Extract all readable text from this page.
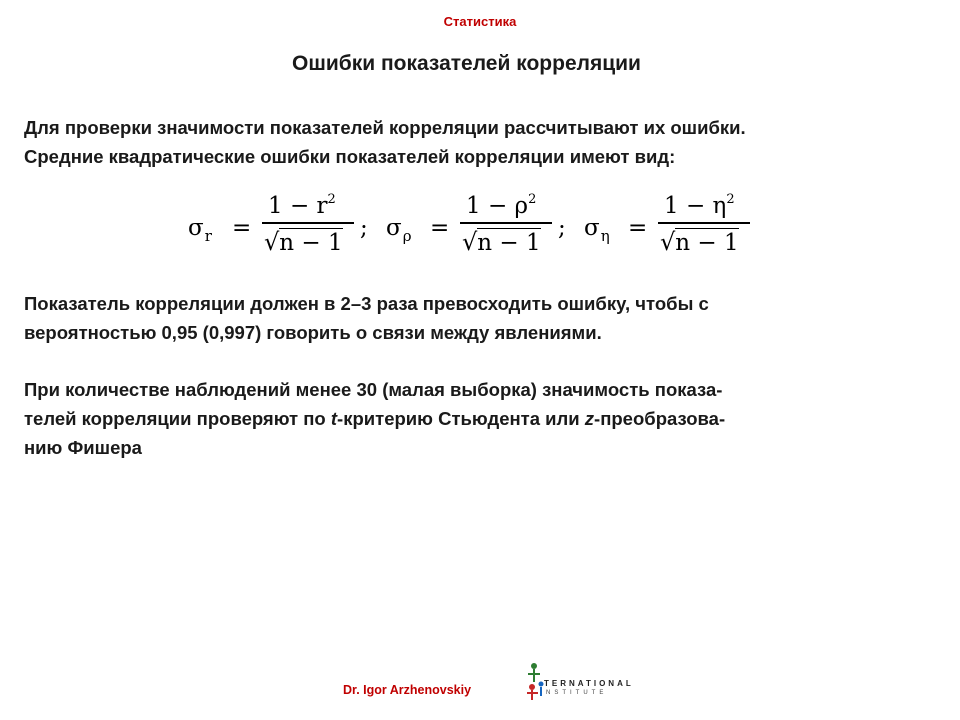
Статистика
Ошибки показателей корреляции
Для проверки значимости показателей корреляции рассчитывают их ошибки.
Средние квадратические ошибки показателей корреляции имеют вид:
$\sigma_r$ =
$1 - r^2$
√n − 1
; $\sigma_\rho$ =
$1 - \rho^2$
√n − 1
; $\sigma_\eta$ =
$1 - \eta^2$
√n − 1
Показатель корреляции должен в 2–3 раза превосходить ошибку, чтобы с
вероятностью 0,95 (0,997) говорить о связи между явлениями.
При количестве наблюдений менее 30 (малая выборка) значимость показа-
телей корреляции проверяют по t-критерию Стьюдента или z-преобразова-
нию Фишера
Dr. Igor Arzhenovskiy	TERNATIONAL
NSTITUTE
